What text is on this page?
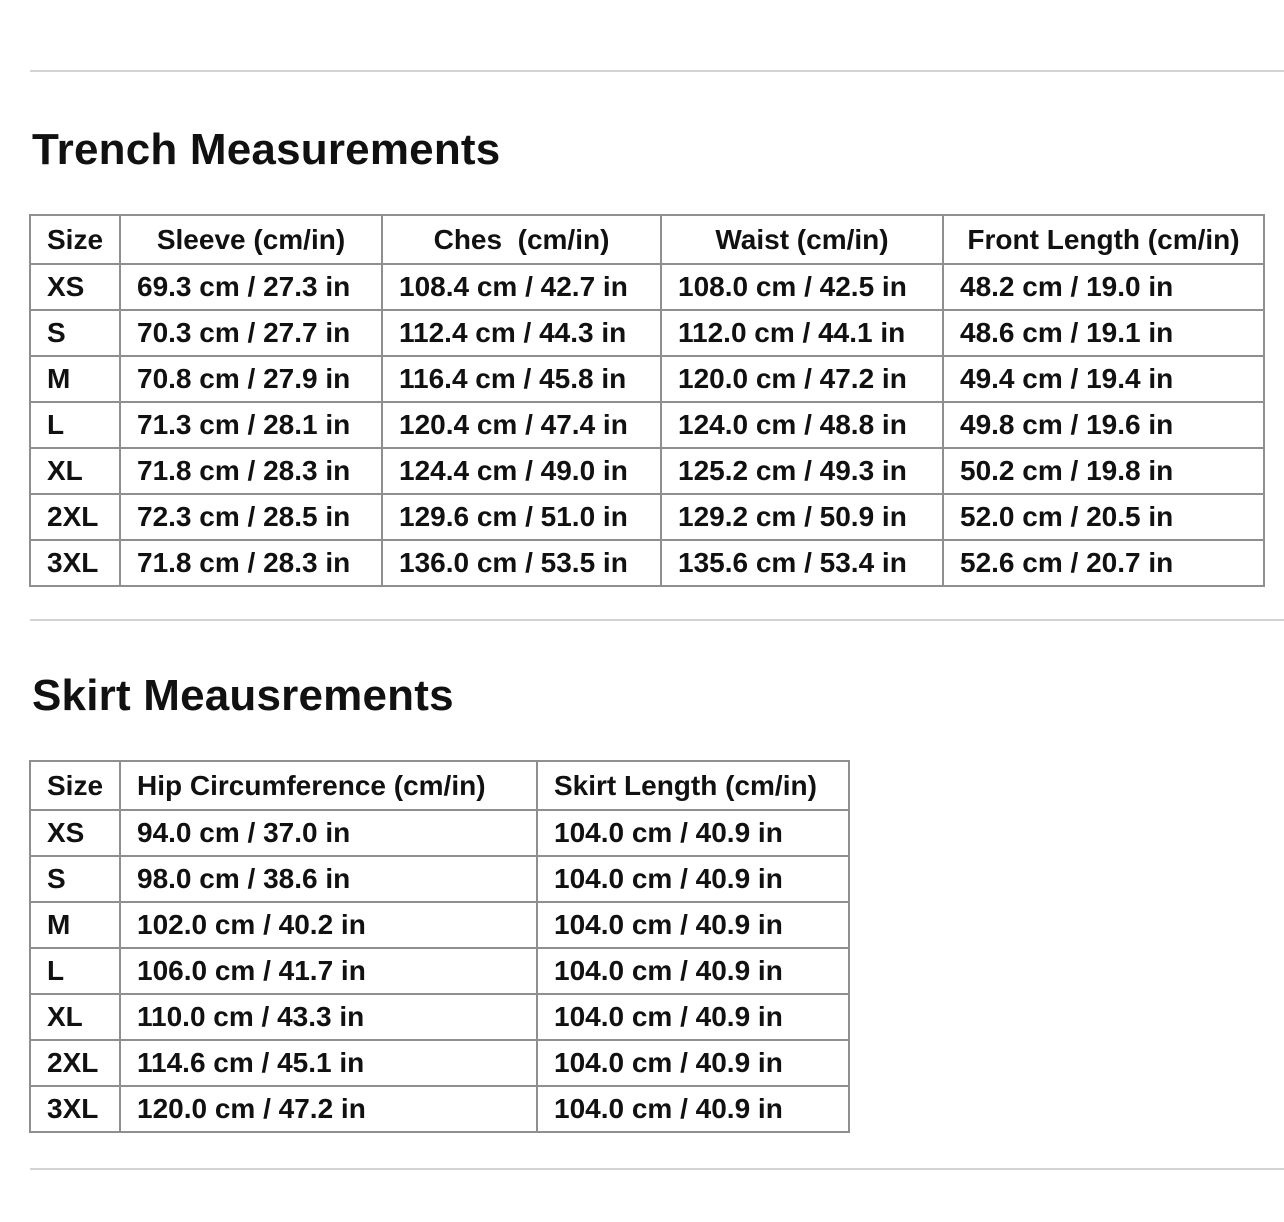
Trench Measurements
Size	Sleeve (cm/in)	Ches  (cm/in)	Waist (cm/in)	Front Length (cm/in)
XS	69.3 cm / 27.3 in	108.4 cm / 42.7 in	108.0 cm / 42.5 in	48.2 cm / 19.0 in
S	70.3 cm / 27.7 in	112.4 cm / 44.3 in	112.0 cm / 44.1 in	48.6 cm / 19.1 in
M	70.8 cm / 27.9 in	116.4 cm / 45.8 in	120.0 cm / 47.2 in	49.4 cm / 19.4 in
L	71.3 cm / 28.1 in	120.4 cm / 47.4 in	124.0 cm / 48.8 in	49.8 cm / 19.6 in
XL	71.8 cm / 28.3 in	124.4 cm / 49.0 in	125.2 cm / 49.3 in	50.2 cm / 19.8 in
2XL	72.3 cm / 28.5 in	129.6 cm / 51.0 in	129.2 cm / 50.9 in	52.0 cm / 20.5 in
3XL	71.8 cm / 28.3 in	136.0 cm / 53.5 in	135.6 cm / 53.4 in	52.6 cm / 20.7 in
Skirt Meausrements
Size	Hip Circumference (cm/in)	Skirt Length (cm/in)
XS	94.0 cm / 37.0 in	104.0 cm / 40.9 in
S	98.0 cm / 38.6 in	104.0 cm / 40.9 in
M	102.0 cm / 40.2 in	104.0 cm / 40.9 in
L	106.0 cm / 41.7 in	104.0 cm / 40.9 in
XL	110.0 cm / 43.3 in	104.0 cm / 40.9 in
2XL	114.6 cm / 45.1 in	104.0 cm / 40.9 in
3XL	120.0 cm / 47.2 in	104.0 cm / 40.9 in
